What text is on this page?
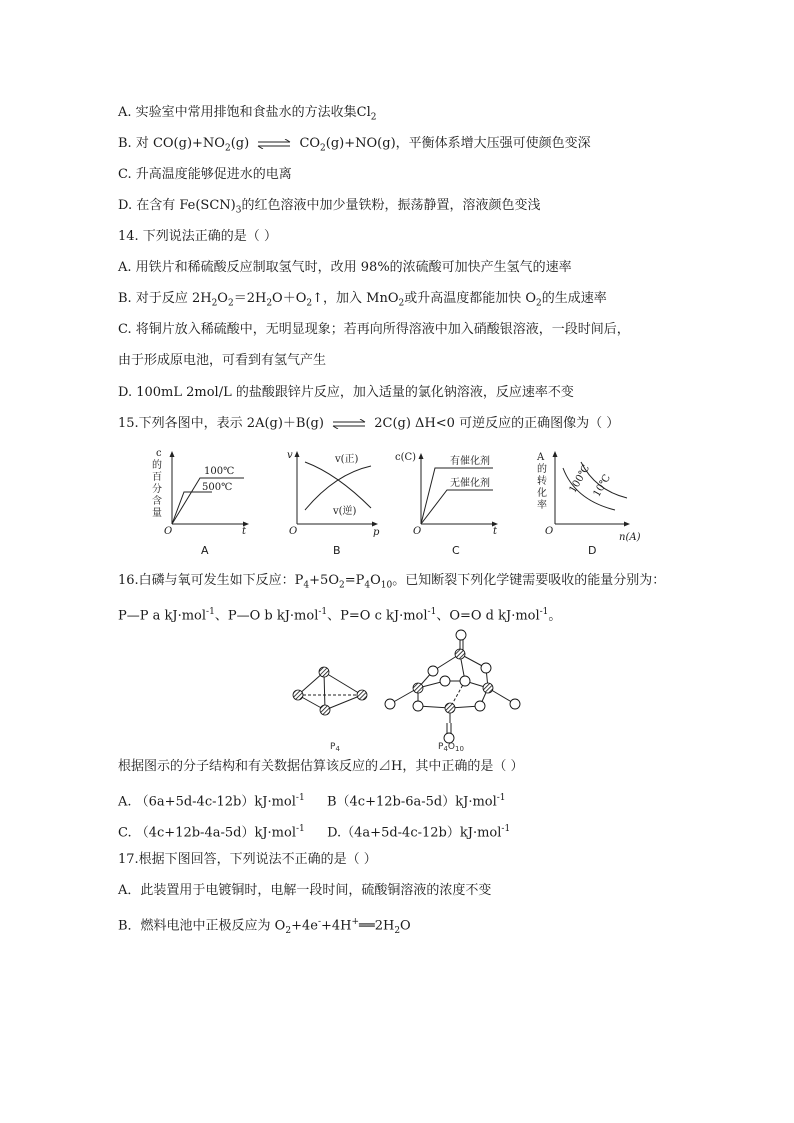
A. 实验室中常用排饱和食盐水的方法收集$Cl_2$
B. 对 $CO(g)+NO_2(g)$ ⇌ $CO_2(g)+NO(g)$，平衡体系增大压强可使颜色变深
C. 升高温度能够促进水的电离
D. 在含有 $Fe(SCN)_3$的红色溶液中加少量铁粉，振荡静置，溶液颜色变浅
14. 下列说法正确的是（ ）
A. 用铁片和稀硫酸反应制取氢气时，改用 98%的浓硫酸可加快产生氢气的速率
B. 对于反应 $2H_2O_2=2H_2O+O_2↑$，加入 MnO$_2$或升高温度都能加快 $O_2$的生成速率
C. 将铜片放入稀硫酸中，无明显现象；若再向所得溶液中加入硝酸银溶液，一段时间后，
由于形成原电池，可看到有氢气产生
D. 100mL 2mol/L 的盐酸跟锌片反应，加入适量的氯化钠溶液，反应速率不变
15.下列各图中，表示 2A(g)＋B(g) ⇌ 2C(g) ΔH<0 可逆反应的正确图像为（ ）
c 的百分含量
100℃
500℃
O	t
A
v	v(正)
v(逆)
O	p
B
c(C)	有催化剂
无催化剂
O	t
C
A 的转化率
100℃ 10℃
O
n(A)
D
16.白磷与氧可发生如下反应：$P_4+5O_2=P_4O_{10}$。已知断裂下列化学键需要吸收的能量分别为：
P—P a kJ·mol$^{-1}$、P—O b kJ·mol$^{-1}$、P=O c kJ·mol$^{-1}$、O=O d kJ·mol$^{-1}$。
$P_4$	$P_4O_{10}$
根据图示的分子结构和有关数据估算该反应的⊿H，其中正确的是（ ）
A. （6a+5d-4c-12b）kJ·mol$^{-1}$ B（4c+12b-6a-5d）kJ·mol$^{-1}$
C. （4c+12b-4a-5d）kJ·mol$^{-1}$ D.（4a+5d-4c-12b）kJ·mol$^{-1}$
17.根据下图回答，下列说法不正确的是（ ）
A．此装置用于电镀铜时，电解一段时间，硫酸铜溶液的浓度不变
B．燃料电池中正极反应为 $O_2+4e^-+4H^+══2H_2O$
